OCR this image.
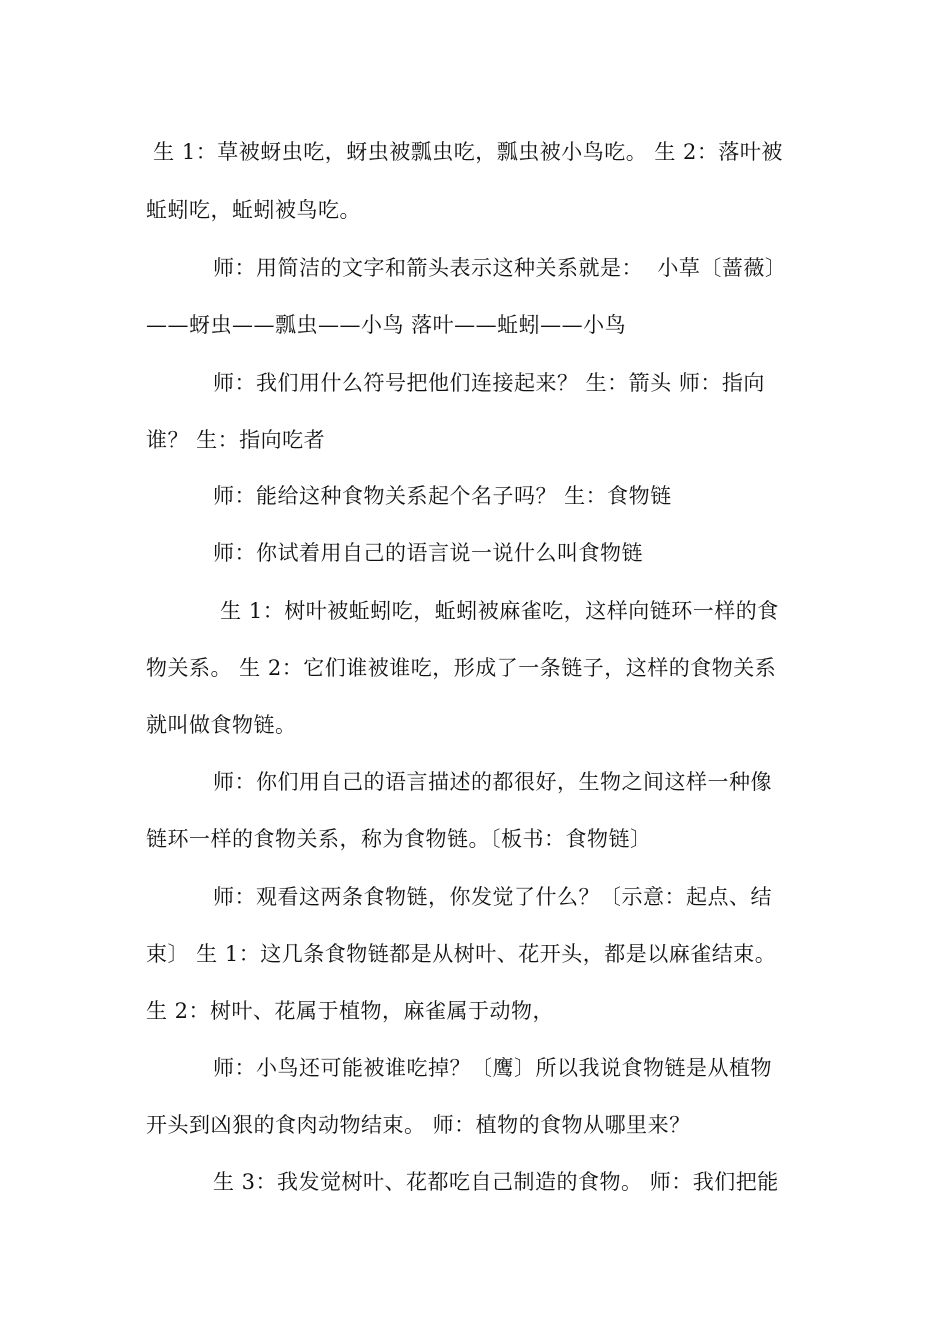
生 1：草被蚜虫吃，蚜虫被瓢虫吃，瓢虫被小鸟吃。 生 2：落叶被
蚯蚓吃，蚯蚓被鸟吃。
师：用简洁的文字和箭头表示这种关系就是：  小草〔蔷薇〕
——蚜虫——瓢虫——小鸟 落叶——蚯蚓——小鸟
师：我们用什么符号把他们连接起来？ 生：箭头 师：指向
谁？ 生：指向吃者
师：能给这种食物关系起个名子吗？ 生：食物链
师：你试着用自己的语言说一说什么叫食物链
生 1：树叶被蚯蚓吃，蚯蚓被麻雀吃，这样向链环一样的食
物关系。 生 2：它们谁被谁吃，形成了一条链子，这样的食物关系
就叫做食物链。
师：你们用自己的语言描述的都很好，生物之间这样一种像
链环一样的食物关系，称为食物链。〔板书：食物链〕
师：观看这两条食物链，你发觉了什么？〔示意：起点、结
束〕 生 1：这几条食物链都是从树叶、花开头，都是以麻雀结束。
生 2：树叶、花属于植物，麻雀属于动物，
师：小鸟还可能被谁吃掉？〔鹰〕所以我说食物链是从植物
开头到凶狠的食肉动物结束。 师：植物的食物从哪里来？
生 3：我发觉树叶、花都吃自己制造的食物。 师：我们把能
